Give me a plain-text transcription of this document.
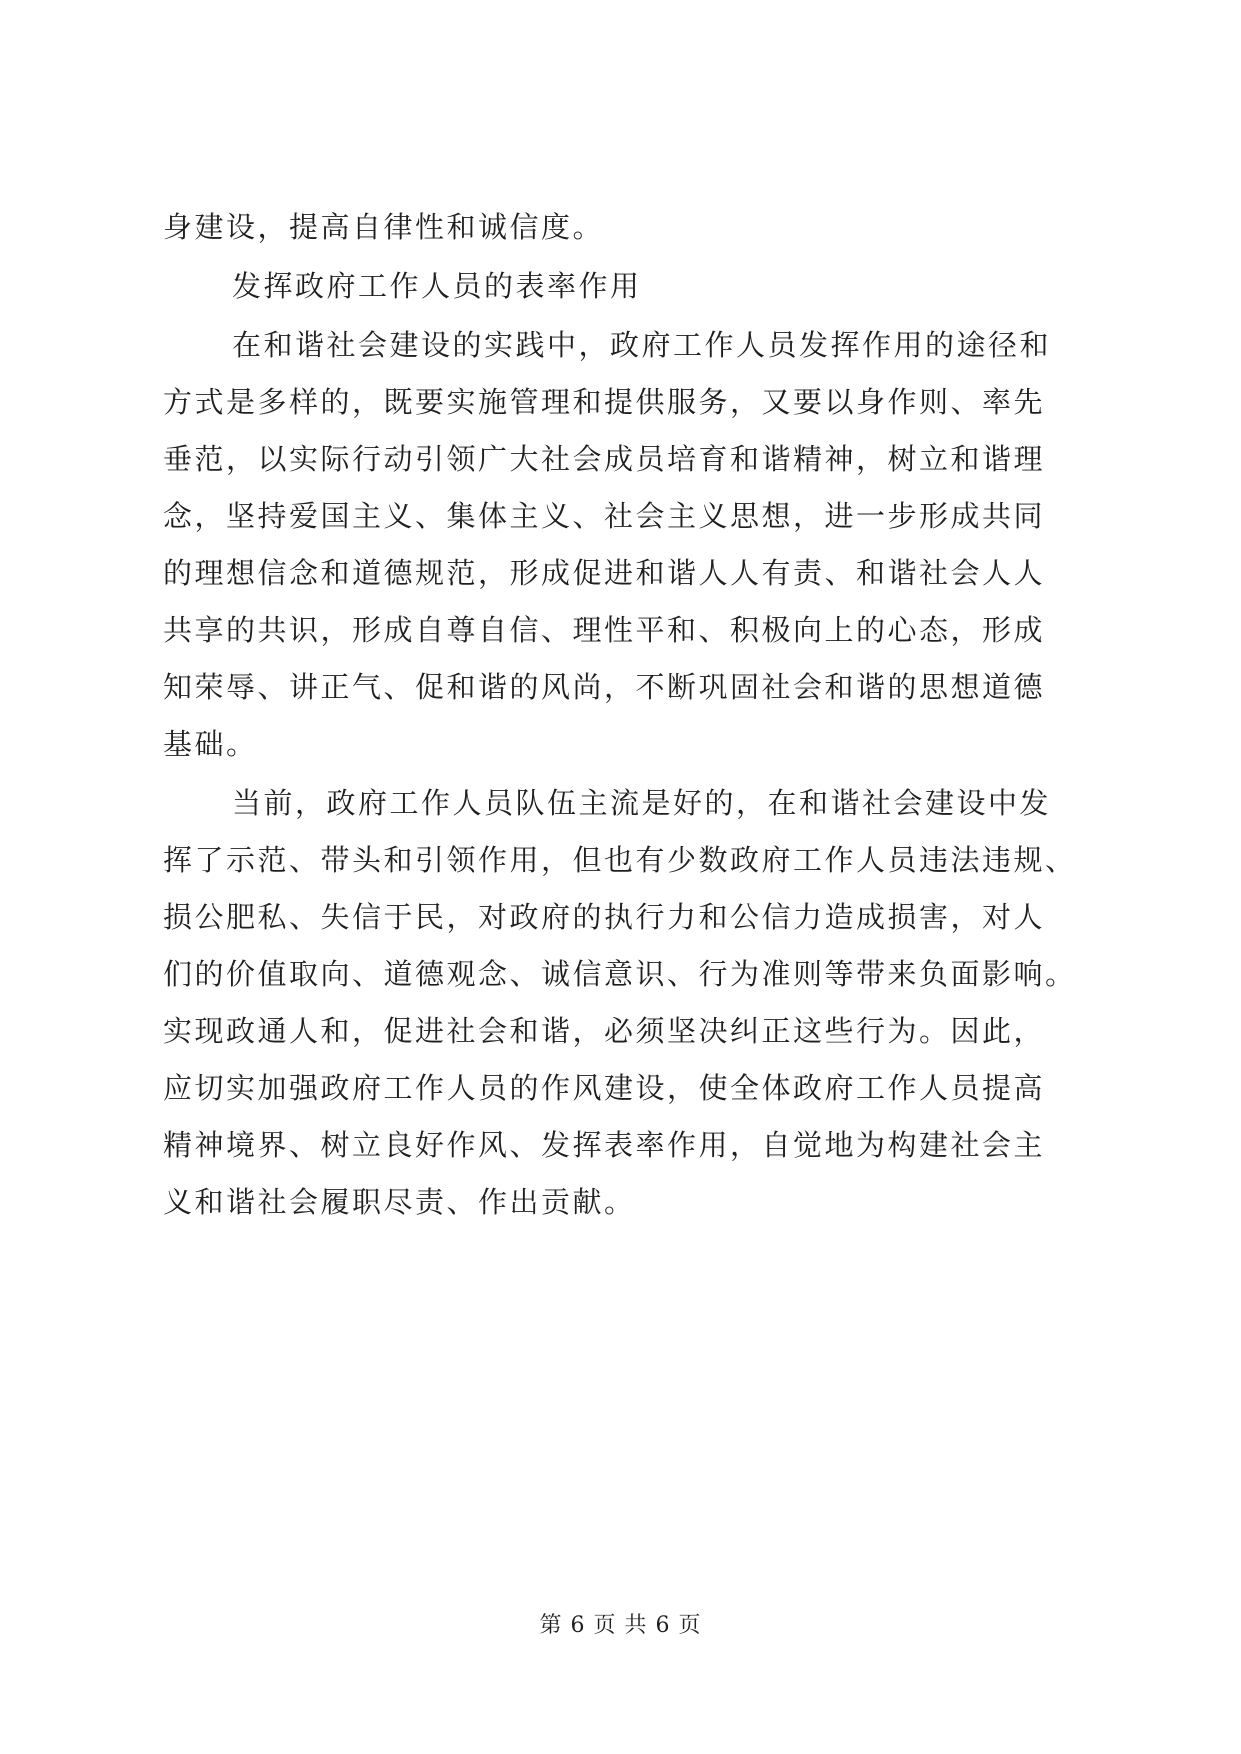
身建设，提高自律性和诚信度。
发挥政府工作人员的表率作用
在和谐社会建设的实践中，政府工作人员发挥作用的途径和
方式是多样的，既要实施管理和提供服务，又要以身作则、率先
垂范，以实际行动引领广大社会成员培育和谐精神，树立和谐理
念，坚持爱国主义、集体主义、社会主义思想，进一步形成共同
的理想信念和道德规范，形成促进和谐人人有责、和谐社会人人
共享的共识，形成自尊自信、理性平和、积极向上的心态，形成
知荣辱、讲正气、促和谐的风尚，不断巩固社会和谐的思想道德
基础。
当前，政府工作人员队伍主流是好的，在和谐社会建设中发
挥了示范、带头和引领作用，但也有少数政府工作人员违法违规、
损公肥私、失信于民，对政府的执行力和公信力造成损害，对人
们的价值取向、道德观念、诚信意识、行为准则等带来负面影响。
实现政通人和，促进社会和谐，必须坚决纠正这些行为。因此，
应切实加强政府工作人员的作风建设，使全体政府工作人员提高
精神境界、树立良好作风、发挥表率作用，自觉地为构建社会主
义和谐社会履职尽责、作出贡献。
第 6 页 共 6 页
